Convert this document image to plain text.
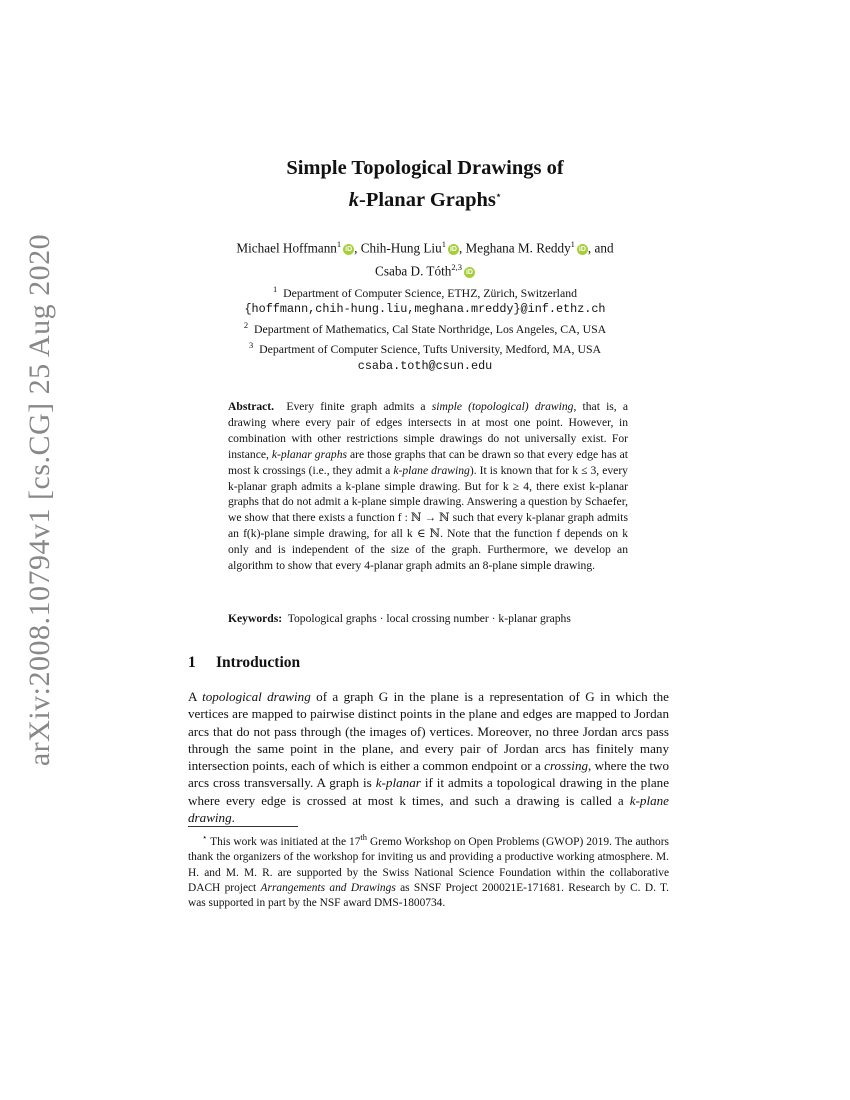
arXiv:2008.10794v1 [cs.CG] 25 Aug 2020
Simple Topological Drawings of
k-Planar Graphs⋆
Michael Hoffmann$^1$iD , Chih-Hung Liu$^1$iD , Meghana M. Reddy$^1$iD , and
Csaba D. Tóth$^{2,3}$iD
$^1$ Department of Computer Science, ETHZ, Zürich, Switzerland
{hoffmann,chih-hung.liu,meghana.mreddy}@inf.ethz.ch
$^2$ Department of Mathematics, Cal State Northridge, Los Angeles, CA, USA
$^3$ Department of Computer Science, Tufts University, Medford, MA, USA
csaba.toth@csun.edu
Abstract. Every finite graph admits a simple (topological) drawing, that is, a drawing where every pair of edges intersects in at most one point. However, in combination with other restrictions simple drawings do not universally exist. For instance, k-planar graphs are those graphs that can be drawn so that every edge has at most k crossings (i.e., they admit a k-plane drawing). It is known that for k ≤ 3, every k-planar graph admits a k-plane simple drawing. But for k ≥ 4, there exist k-planar graphs that do not admit a k-plane simple drawing. Answering a question by Schaefer, we show that there exists a function f : ℕ → ℕ such that every k-planar graph admits an f(k)-plane simple drawing, for all k ∈ ℕ. Note that the function f depends on k only and is independent of the size of the graph. Furthermore, we develop an algorithm to show that every 4-planar graph admits an 8-plane simple drawing.
Keywords: Topological graphs · local crossing number · k-planar graphs
1 Introduction
A topological drawing of a graph G in the plane is a representation of G in which the vertices are mapped to pairwise distinct points in the plane and edges are mapped to Jordan arcs that do not pass through (the images of) vertices. Moreover, no three Jordan arcs pass through the same point in the plane, and every pair of Jordan arcs has finitely many intersection points, each of which is either a common endpoint or a crossing, where the two arcs cross transversally. A graph is k-planar if it admits a topological drawing in the plane where every edge is crossed at most k times, and such a drawing is called a k-plane drawing.
⋆ This work was initiated at the 17th Gremo Workshop on Open Problems (GWOP) 2019. The authors thank the organizers of the workshop for inviting us and providing a productive working atmosphere. M. H. and M. M. R. are supported by the Swiss National Science Foundation within the collaborative DACH project Arrangements and Drawings as SNSF Project 200021E-171681. Research by C. D. T. was supported in part by the NSF award DMS-1800734.
